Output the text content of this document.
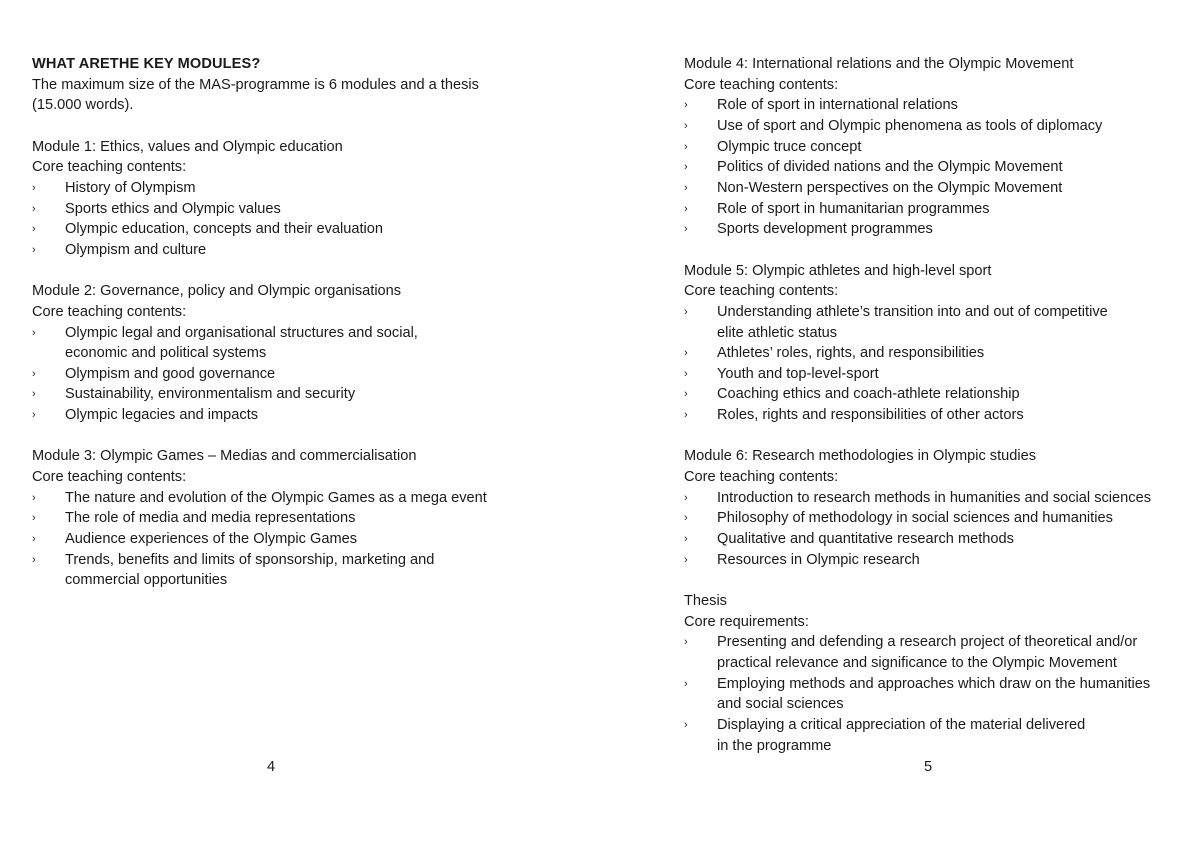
WHAT ARETHE KEY MODULES?
The maximum size of the MAS-programme is 6 modules and a thesis
(15.000 words).
Module 1: Ethics, values and Olympic education
Core teaching contents:
›	History of Olympism
›	Sports ethics and Olympic values
›	Olympic education, concepts and their evaluation
›	Olympism and culture
Module 2: Governance, policy and Olympic organisations
Core teaching contents:
›	Olympic legal and organisational structures and social,
economic and political systems
›	Olympism and good governance
›	Sustainability, environmentalism and security
›	Olympic legacies and impacts
Module 3: Olympic Games – Medias and commercialisation
Core teaching contents:
›	The nature and evolution of the Olympic Games as a mega event
›	The role of media and media representations
›	Audience experiences of the Olympic Games
›	Trends, benefits and limits of sponsorship, marketing and
commercial opportunities
Module 4: International relations and the Olympic Movement
Core teaching contents:
›	Role of sport in international relations
›	Use of sport and Olympic phenomena as tools of diplomacy
›	Olympic truce concept
›	Politics of divided nations and the Olympic Movement
›	Non-Western perspectives on the Olympic Movement
›	Role of sport in humanitarian programmes
›	Sports development programmes
Module 5: Olympic athletes and high-level sport
Core teaching contents:
›	Understanding athlete’s transition into and out of competitive
elite athletic status
›	Athletes’ roles, rights, and responsibilities
›	Youth and top-level-sport
›	Coaching ethics and coach-athlete relationship
›	Roles, rights and responsibilities of other actors
Module 6: Research methodologies in Olympic studies
Core teaching contents:
›	Introduction to research methods in humanities and social sciences
›	Philosophy of methodology in social sciences and humanities
›	Qualitative and quantitative research methods
›	Resources in Olympic research
Thesis
Core requirements:
›	Presenting and defending a research project of theoretical and/or
practical relevance and significance to the Olympic Movement
›	Employing methods and approaches which draw on the humanities
and social sciences
›	Displaying a critical appreciation of the material delivered
in the programme
4	5
